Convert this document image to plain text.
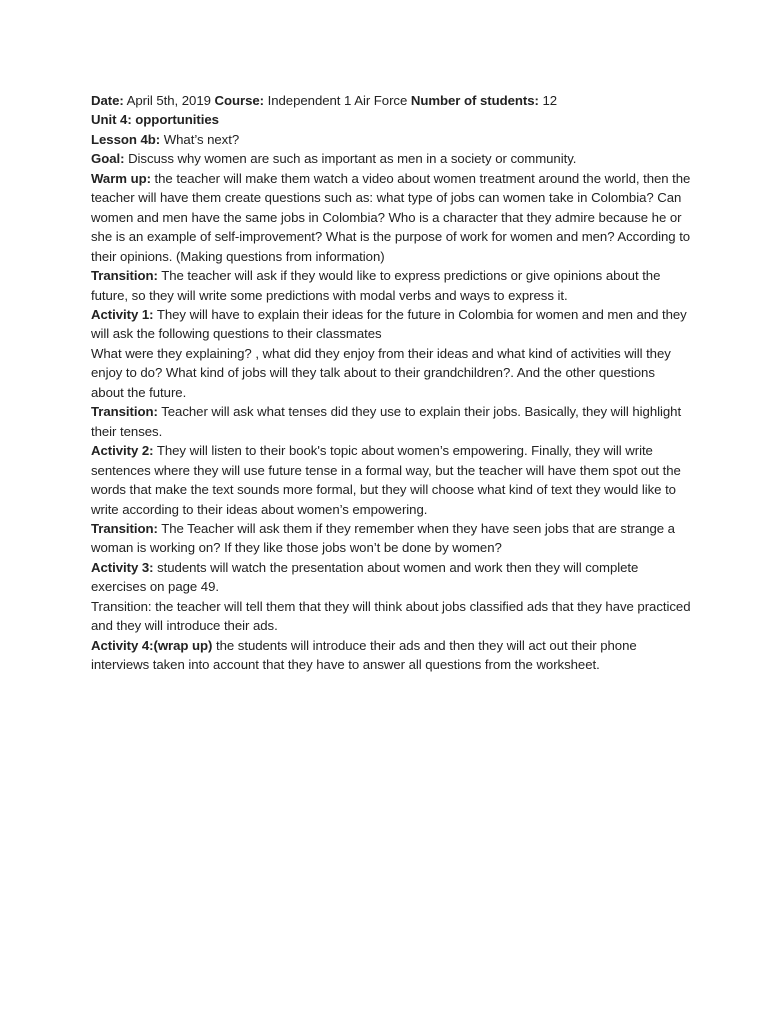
Date: April 5th, 2019 Course: Independent 1 Air Force Number of students: 12

Unit 4: opportunities

Lesson 4b: What’s next?

Goal: Discuss why women are such as important as men in a society or community.

Warm up: the teacher will make them watch a video about women treatment around the world, then the teacher will have them create questions such as: what type of jobs can women take in Colombia? Can women and men have the same jobs in Colombia? Who is a character that they admire because he or she is an example of self-improvement? What is the purpose of work for women and men? According to their opinions. (Making questions from information)

Transition: The teacher will ask if they would like to express predictions or give opinions about the future, so they will write some predictions with modal verbs and ways to express it.

Activity 1: They will have to explain their ideas for the future in Colombia for women and men and they will ask the following questions to their classmates

What were they explaining? , what did they enjoy from their ideas and what kind of activities will they enjoy to do? What kind of jobs will they talk about to their grandchildren?. And the other questions about the future.

Transition: Teacher will ask what tenses did they use to explain their jobs. Basically, they will highlight their tenses.

Activity 2: They will listen to their book's topic about women’s empowering. Finally, they will write sentences where they will use future tense in a formal way, but the teacher will have them spot out the words that make the text sounds more formal, but they will choose what kind of text they would like to write according to their ideas about women’s empowering.

Transition: The Teacher will ask them if they remember when they have seen jobs that are strange a woman is working on? If they like those jobs won’t be done by women?

Activity 3: students will watch the presentation about women and work then they will complete exercises on page 49.

Transition: the teacher will tell them that they will think about jobs classified ads that they have practiced and they will introduce their ads.

Activity 4:(wrap up) the students will introduce their ads and then they will act out their phone interviews taken into account that they have to answer all questions from the worksheet.
